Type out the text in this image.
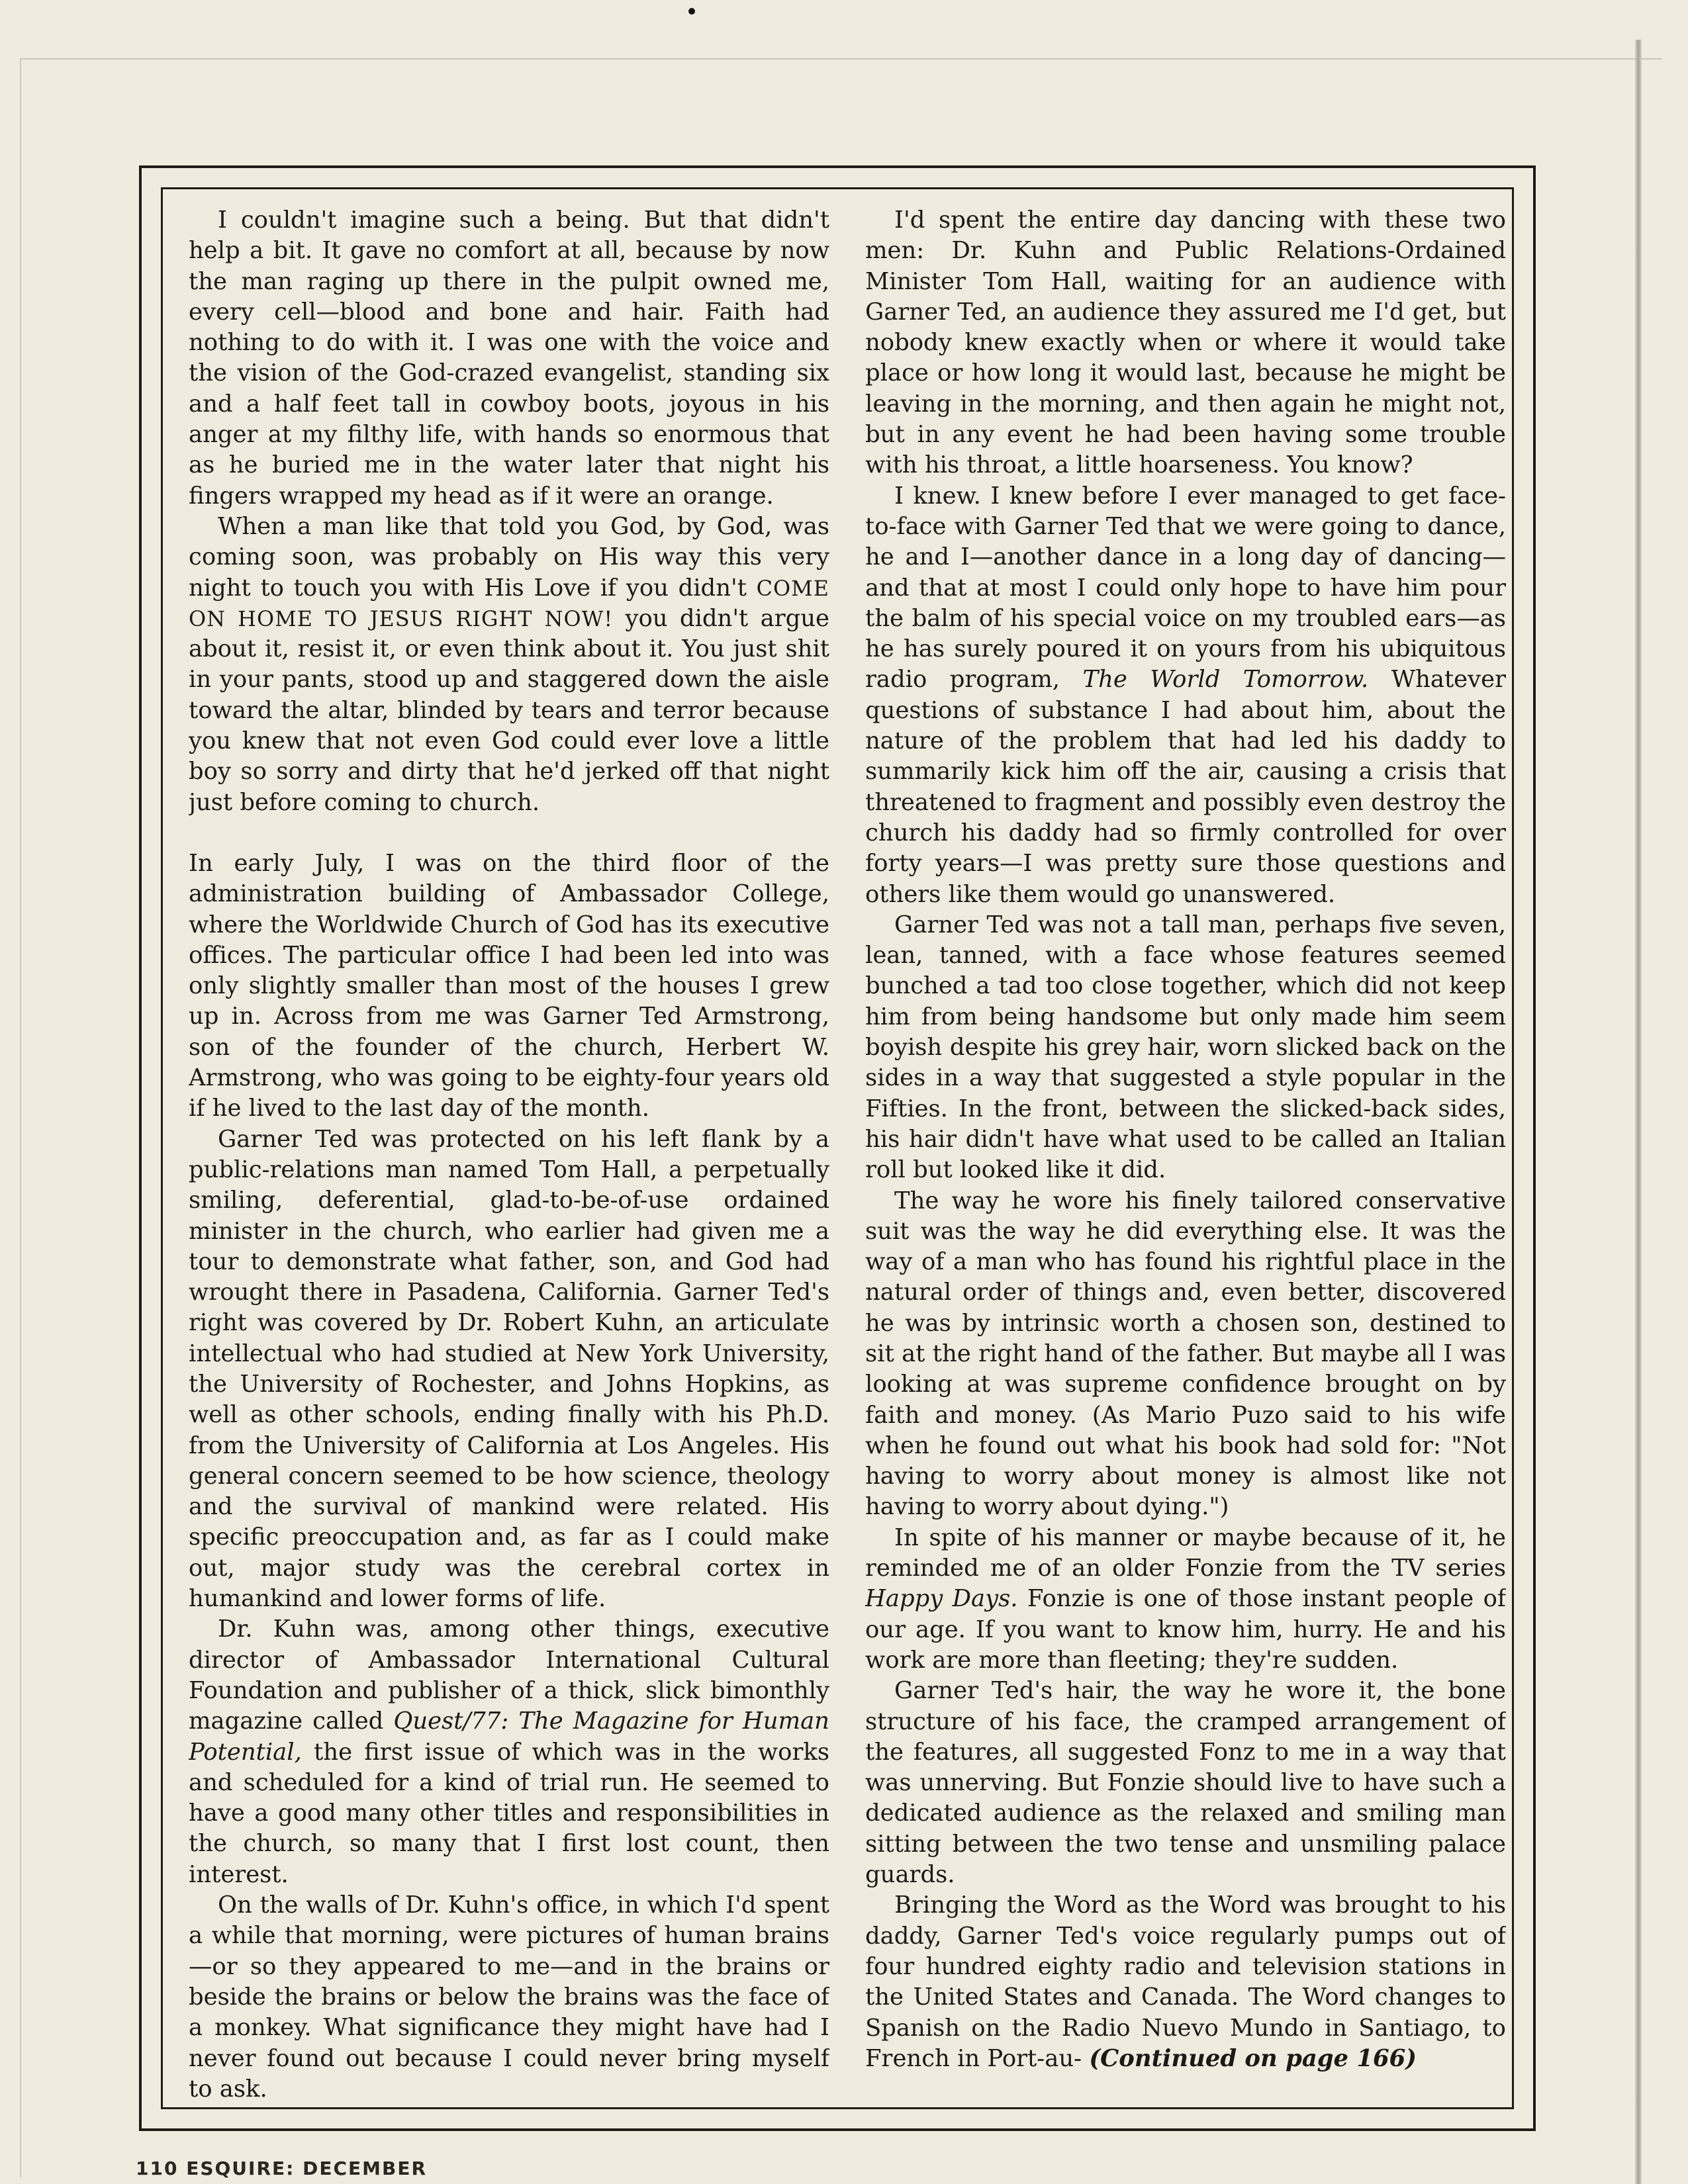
I couldn't imagine such a being. But that didn't help a bit. It gave no comfort at all, because by now the man raging up there in the pulpit owned me, every cell—blood and bone and hair. Faith had nothing to do with it. I was one with the voice and the vision of the God-crazed evangelist, standing six and a half feet tall in cowboy boots, joyous in his anger at my filthy life, with hands so enormous that as he buried me in the water later that night his fingers wrapped my head as if it were an orange.

When a man like that told you God, by God, was coming soon, was probably on His way this very night to touch you with His Love if you didn't COME ON HOME TO JESUS RIGHT NOW! you didn't argue about it, resist it, or even think about it. You just shit in your pants, stood up and staggered down the aisle toward the altar, blinded by tears and terror because you knew that not even God could ever love a little boy so sorry and dirty that he'd jerked off that night just before coming to church.

In early July, I was on the third floor of the administration building of Ambassador College, where the Worldwide Church of God has its executive offices. The particular office I had been led into was only slightly smaller than most of the houses I grew up in. Across from me was Garner Ted Armstrong, son of the founder of the church, Herbert W. Armstrong, who was going to be eighty-four years old if he lived to the last day of the month.

Garner Ted was protected on his left flank by a public-relations man named Tom Hall, a perpetually smiling, deferential, glad-to-be-of-use ordained minister in the church, who earlier had given me a tour to demonstrate what father, son, and God had wrought there in Pasadena, California. Garner Ted's right was covered by Dr. Robert Kuhn, an articulate intellectual who had studied at New York University, the University of Rochester, and Johns Hopkins, as well as other schools, ending finally with his Ph.D. from the University of California at Los Angeles. His general concern seemed to be how science, theology and the survival of mankind were related. His specific preoccupation and, as far as I could make out, major study was the cerebral cortex in humankind and lower forms of life.

Dr. Kuhn was, among other things, executive director of Ambassador International Cultural Foundation and publisher of a thick, slick bimonthly magazine called Quest/77: The Magazine for Human Potential, the first issue of which was in the works and scheduled for a kind of trial run. He seemed to have a good many other titles and responsibilities in the church, so many that I first lost count, then interest.

On the walls of Dr. Kuhn's office, in which I'd spent a while that morning, were pictures of human brains—or so they appeared to me—and in the brains or beside the brains or below the brains was the face of a monkey. What significance they might have had I never found out because I could never bring myself to ask.

I'd spent the entire day dancing with these two men: Dr. Kuhn and Public Relations-Ordained Minister Tom Hall, waiting for an audience with Garner Ted, an audience they assured me I'd get, but nobody knew exactly when or where it would take place or how long it would last, because he might be leaving in the morning, and then again he might not, but in any event he had been having some trouble with his throat, a little hoarseness. You know?

I knew. I knew before I ever managed to get face-to-face with Garner Ted that we were going to dance, he and I—another dance in a long day of dancing—and that at most I could only hope to have him pour the balm of his special voice on my troubled ears—as he has surely poured it on yours from his ubiquitous radio program, The World Tomorrow. Whatever questions of substance I had about him, about the nature of the problem that had led his daddy to summarily kick him off the air, causing a crisis that threatened to fragment and possibly even destroy the church his daddy had so firmly controlled for over forty years—I was pretty sure those questions and others like them would go unanswered.

Garner Ted was not a tall man, perhaps five seven, lean, tanned, with a face whose features seemed bunched a tad too close together, which did not keep him from being handsome but only made him seem boyish despite his grey hair, worn slicked back on the sides in a way that suggested a style popular in the Fifties. In the front, between the slicked-back sides, his hair didn't have what used to be called an Italian roll but looked like it did.

The way he wore his finely tailored conservative suit was the way he did everything else. It was the way of a man who has found his rightful place in the natural order of things and, even better, discovered he was by intrinsic worth a chosen son, destined to sit at the right hand of the father. But maybe all I was looking at was supreme confidence brought on by faith and money. (As Mario Puzo said to his wife when he found out what his book had sold for: "Not having to worry about money is almost like not having to worry about dying.")

In spite of his manner or maybe because of it, he reminded me of an older Fonzie from the TV series Happy Days. Fonzie is one of those instant people of our age. If you want to know him, hurry. He and his work are more than fleeting; they're sudden.

Garner Ted's hair, the way he wore it, the bone structure of his face, the cramped arrangement of the features, all suggested Fonz to me in a way that was unnerving. But Fonzie should live to have such a dedicated audience as the relaxed and smiling man sitting between the two tense and unsmiling palace guards.

Bringing the Word as the Word was brought to his daddy, Garner Ted's voice regularly pumps out of four hundred eighty radio and television stations in the United States and Canada. The Word changes to Spanish on the Radio Nuevo Mundo in Santiago, to French in Port-au- (Continued on page 166)

110 ESQUIRE: DECEMBER
